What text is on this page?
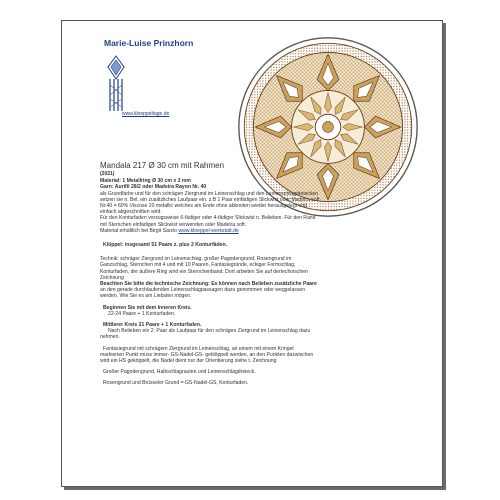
Marie-Luise Prinzhorn
www.kloeppeltage.de
Mandala 217 Ø 30 cm mit Rahmen
(2021)
Material: 1 Metallring Ø 30 cm x 3 mm
Garn: Aurifil 28/2 oder Madeira Rayon Nr. 40
als Grundfarbe und für den schrägen Ziergrund im Leinenschlag und den Leinenschlagdreiecken
setzen sie n. Bel. ein zusätzliches Laufpaar ein. z.B 1 Paar einfädigen Slickwist oder Madeira soft
Nr.40 = 60% Viscose 20 metallic welches am Ende ohne abknoten wieder herausgelegt und
einfach abgeschnitten wird.
Für den Konturfaden vorzugsweise 6-fädiger oder 4-fädiger Slickwist n. Belieben. Für den Rand
mit Sternchen einfädigen Slickwist verwenden oder Madeira soft.
Material erhältlich bei Birgit Sarzio www.kloeppel-werkstatt.de
Klöppel: insgesamt 51 Paare z. plus 2 Konturfäden.
Technik: schräger Ziergrund im Leinenschlag, großer Pagodengrund, Rosengrund im
Ganzschlag, Sternchen mit 4 und mit 10 Paaren, Fantasiegründe, eckiger Formschlag,
Konturfaden, der äußere Ring wird ein Sternchenband. Dort arbeiten Sie auf dertechnischen
Zeichnung
Beachten Sie bitte die technische Zeichnung: Es können nach Belieben zusätzliche Paare
an den gerade durchlaufenden Leinenschlagpassagen dazu genommen oder weggelassen
werden. Wie Sie es am Liebsten mögen.
Beginnen Sie mit dem Inneren Kreis.
22-24 Paare + 1 Konturfaden.
Mittlerer Kreis 21 Paare + 1 Konturfaden.
Nach Belieben ein 2. Paar als Laufpaar für den schrägen Ziergrund im Leinenschlag dazu
nehmen.
Fantasiegrund mit schrägem Ziergrund im Leinenschlag, an einem mit einem Kringel
markierten Punkt muss immer- GS-Nadel-GS- geklöppelt werden, an den Punkten dazwischen
wird ein HS geköppelt, die Nadel dient nur der Orientierung siehe t. Zeichnung
Großer Pagodengrund, Halbschlagrauten und Leinenschlagdreieck.
Rosengrund und Brüsseler Grund = GS-Nadel-GS, Konturfaden.
